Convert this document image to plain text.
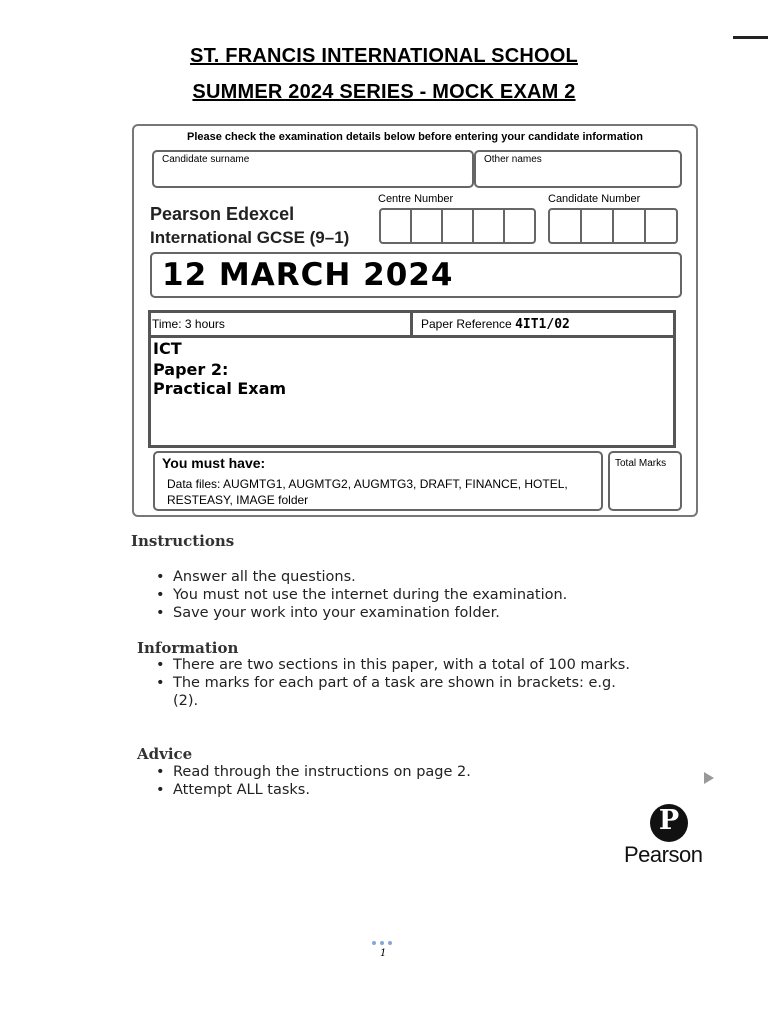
ST. FRANCIS INTERNATIONAL SCHOOL
SUMMER 2024 SERIES - MOCK EXAM 2
Please check the examination details below before entering your candidate information
Candidate surname	Other names
Centre Number	Candidate Number
Pearson Edexcel
International GCSE (9–1)
12 MARCH 2024
Time: 3 hours	Paper Reference 4IT1/02
ICT
Paper 2:
Practical Exam
You must have:
Data files: AUGMTG1, AUGMTG2, AUGMTG3, DRAFT, FINANCE, HOTEL, RESTEASY, IMAGE folder
Total Marks
Instructions
• Answer all the questions.
• You must not use the internet during the examination.
• Save your work into your examination folder.
Information
• There are two sections in this paper, with a total of 100 marks.
• The marks for each part of a task are shown in brackets: e.g. (2).
Advice
• Read through the instructions on page 2.
• Attempt ALL tasks.
P
Pearson
1
